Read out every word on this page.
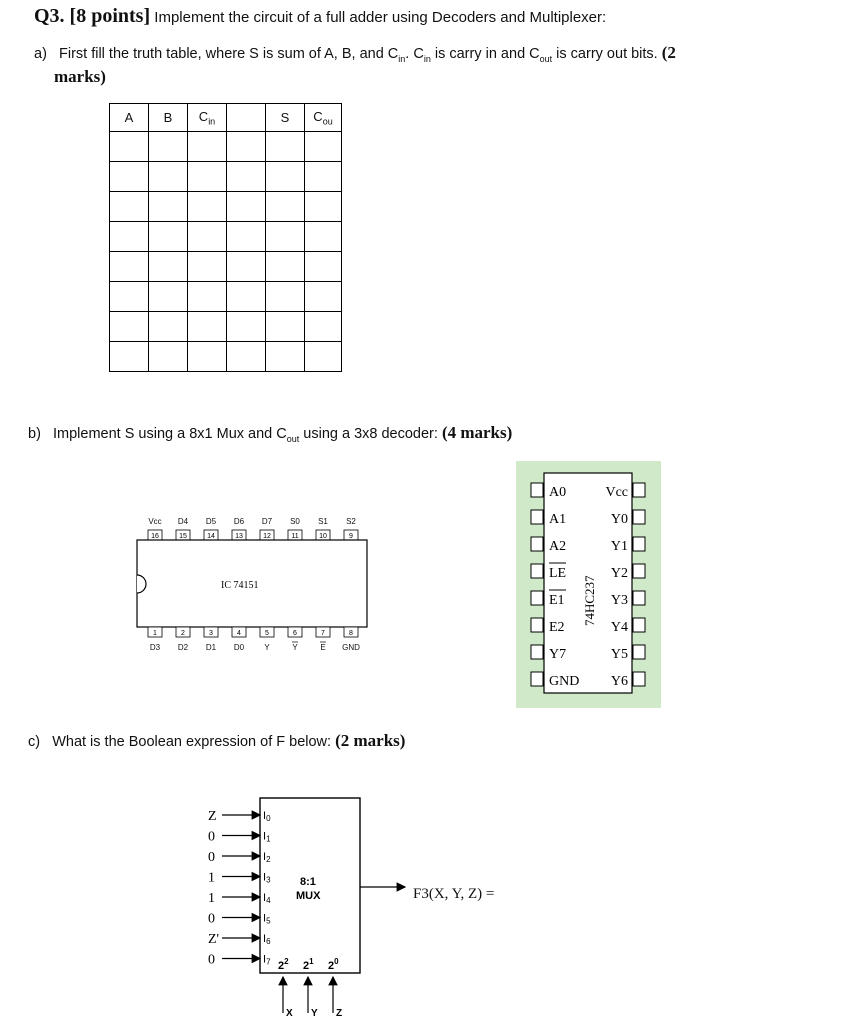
Q3. [8 points] Implement the circuit of a full adder using Decoders and Multiplexer:
a) First fill the truth table, where S is sum of A, B, and $C_{in}$. $C_{in}$ is carry in and $C_{out}$ is carry out bits. (2
marks)
A	B	$C_{in}$		S	$C_{ou}$

b) Implement S using a 8x1 Mux and $C_{out}$ using a 3x8 decoder: (4 marks)
Vcc D4 D5 D6 D7 S0 S1 S2
16	15	14	13	12	11	10	9
IC 74151
1	2	3	4	5	6	7	8
D3 D2 D1 D0	Y	Y	E GND
A0
A1
A2
LE
E1
E2
Y7
GND
Vcc
Y0
Y1
Y2
Y3
Y4
Y5
Y6
74HC237
c) What is the Boolean expression of F below: (2 marks)
Z	I0
0	I1
0	I2
1	I3
1	I4
0	I5
Z'	I6
0	I7
8:1
MUX
$2^2$
X
$2^1$
Y
$2^0$
Z
F3(X, Y, Z) =
